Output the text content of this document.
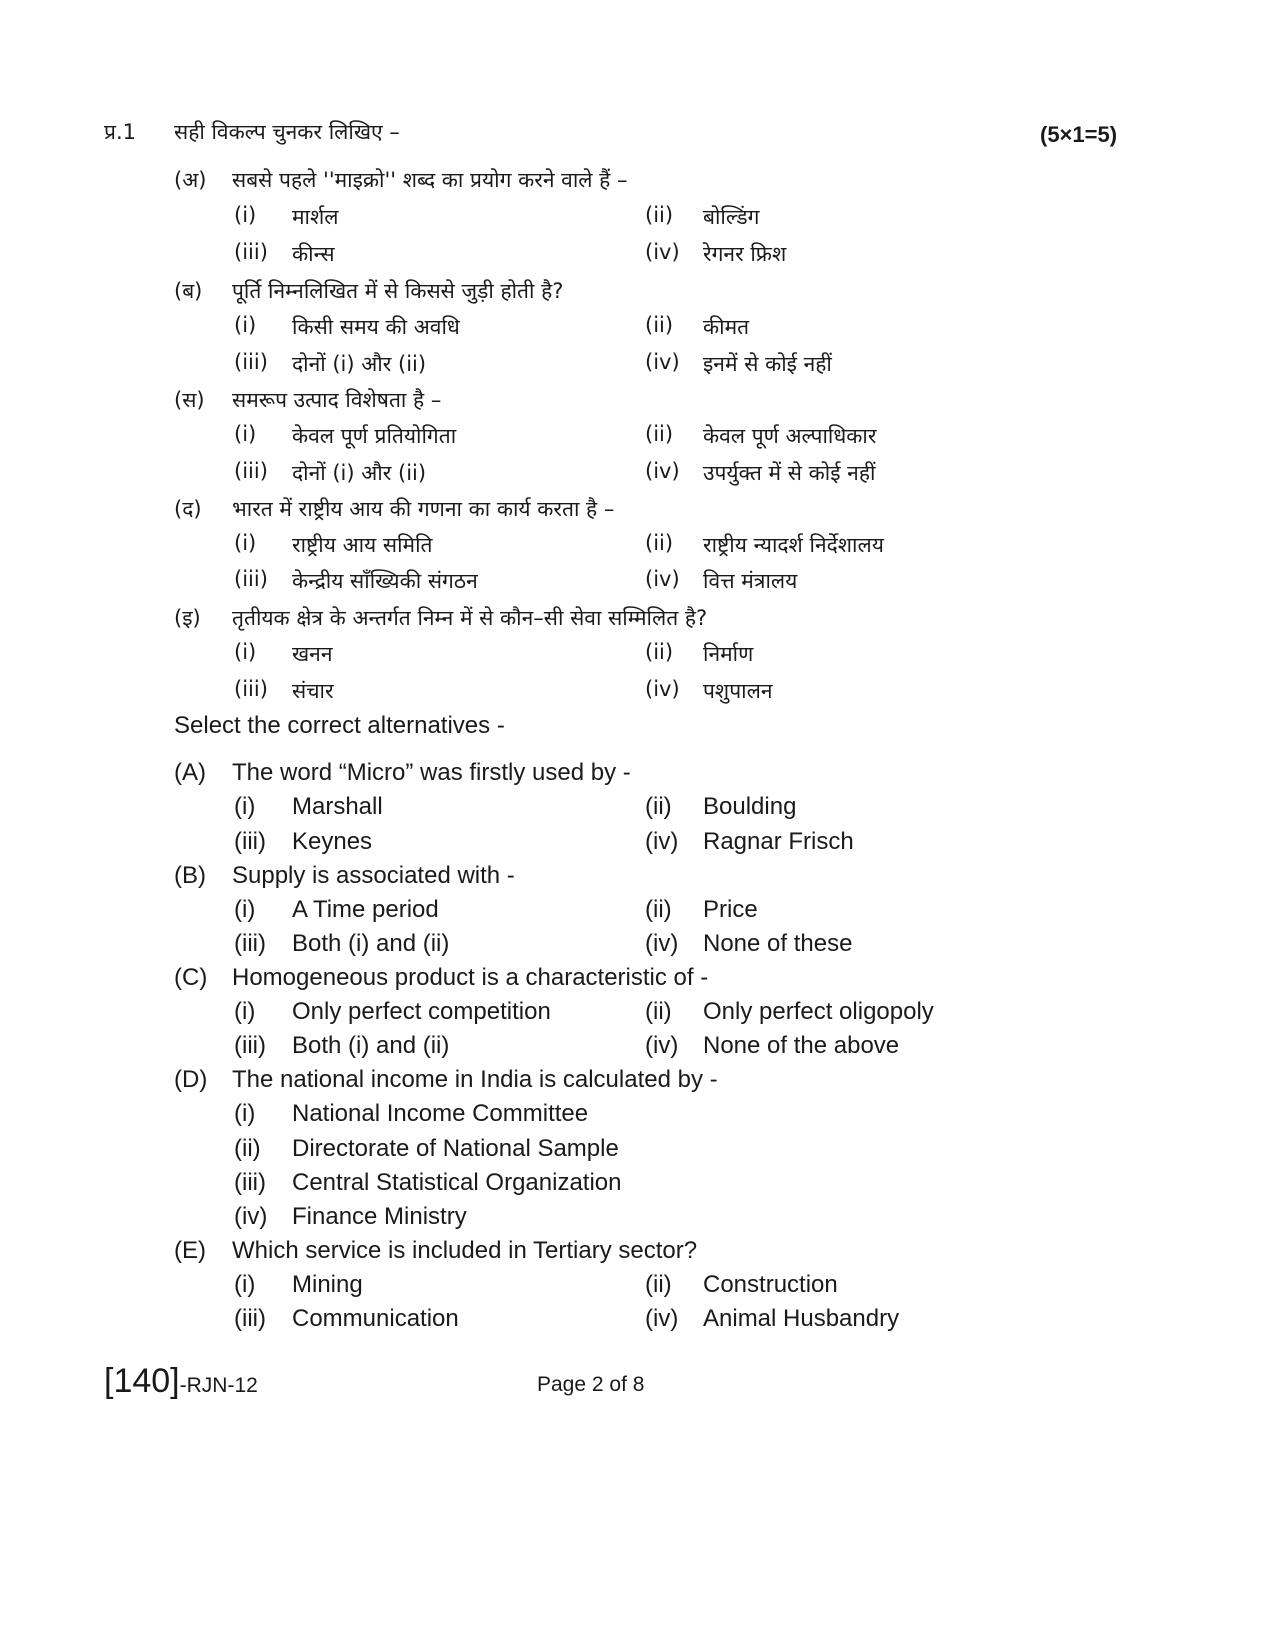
प्र.1 सही विकल्प चुनकर लिखिए –	(5×1=5)
(अ) सबसे पहले ''माइक्रो'' शब्द का प्रयोग करने वाले हैं –
(i) मार्शल	(ii) बोल्डिंग
(iii) कीन्स	(iv) रेगनर फ्रिश
(ब) पूर्ति निम्नलिखित में से किससे जुड़ी होती है?
(i) किसी समय की अवधि	(ii) कीमत
(iii) दोनों (i) और (ii)	(iv) इनमें से कोई नहीं
(स) समरूप उत्पाद विशेषता है –
(i) केवल पूर्ण प्रतियोगिता	(ii) केवल पूर्ण अल्पाधिकार
(iii) दोनों (i) और (ii)	(iv) उपर्युक्त में से कोई नहीं
(द) भारत में राष्ट्रीय आय की गणना का कार्य करता है –
(i) राष्ट्रीय आय समिति	(ii) राष्ट्रीय न्यादर्श निर्देशालय
(iii) केन्द्रीय साँख्यिकी संगठन	(iv) वित्त मंत्रालय
(इ) तृतीयक क्षेत्र के अन्तर्गत निम्न में से कौन–सी सेवा सम्मिलित है?
(i) खनन	(ii) निर्माण
(iii) संचार	(iv) पशुपालन
Select the correct alternatives -
(A) The word “Micro” was firstly used by -
(i) Marshall	(ii) Boulding
(iii) Keynes	(iv) Ragnar Frisch
(B) Supply is associated with -
(i) A Time period	(ii) Price
(iii) Both (i) and (ii)	(iv) None of these
(C) Homogeneous product is a characteristic of -
(i) Only perfect competition	(ii) Only perfect oligopoly
(iii) Both (i) and (ii)	(iv) None of the above
(D) The national income in India is calculated by -
(i) National Income Committee
(ii) Directorate of National Sample
(iii) Central Statistical Organization
(iv) Finance Ministry
(E) Which service is included in Tertiary sector?
(i) Mining	(ii) Construction
(iii) Communication	(iv) Animal Husbandry
[140]-RJN-12	Page 2 of 8
